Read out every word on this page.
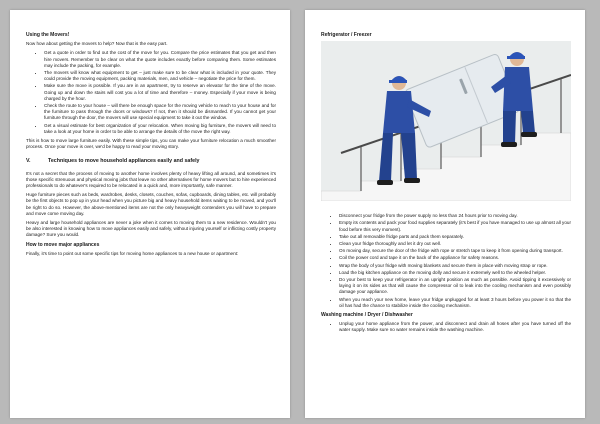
Using the Movers!

Now how about getting the movers to help? Now that is the easy part.

• Get a quote in order to find out the cost of the move for you. Compare the price estimates that you get and then hire movers. Remember to be clear on what the quote includes exactly before comparing them. Some estimates may include the packing, for example.
• The movers will know what equipment to get – just make sure to be clear what is included in your quote. They could provide the moving equipment, packing materials, men, and vehicle – negotiate the price for them.
• Make sure the move is possible. If you are in an apartment, try to reserve an elevator for the time of the move. Going up and down the stairs will cost you a lot of time and therefore – money. Especially if your move is being charged by the hour.
• Check the route to your house – will there be enough space for the moving vehicle to reach to your house and for the furniture to pass through the doors or windows? If not, then it should be dismantled. If you cannot get your furniture through the door, the movers will use special equipment to take it out the window.
• Get a visual estimate for best organization of your relocation. When moving big furniture, the movers will need to take a look at your home in order to be able to arrange the details of the move the right way.

This is how to move large furniture easily. With these simple tips, you can make your furniture relocation a much smoother process. Once your move is over, we'd be happy to read your moving story.

V.	Techniques to move household appliances easily and safely

It's not a secret that the process of moving to another home involves plenty of heavy lifting all around, and sometimes it's those specific strenuous and physical moving jobs that leave no other alternatives for home movers but to hire experienced professionals to do whatever's required to be relocated in a quick and, more importantly, safe manner.

Huge furniture pieces such as beds, wardrobes, desks, closets, couches, sofas, cupboards, dining tables, etc. will probably be the first objects to pop up in your head when you picture big and heavy household items waiting to be moved, and you'll be right to do so. However, the above-mentioned items are not the only heavyweight contenders you will have to prepare and move come moving day.

Heavy and large household appliances are never a joke when it comes to moving them to a new residence. Wouldn't you be also interested in knowing how to move appliances easily and safely, without injuring yourself or inflicting costly property damage? Sure you would.

How to move major appliances

Finally, it's time to point out some specific tips for moving home appliances to a new house or apartment:

Refrigerator / Freezer
• Disconnect your fridge from the power supply no less than 24 hours prior to moving day.
• Empty its contents and pack your food supplies separately (it's best if you have managed to use up almost all your food before this very moment).
• Take out all removable fridge parts and pack them separately.
• Clean your fridge thoroughly and let it dry out well.
• On moving day, secure the door of the fridge with rope or stretch tape to keep it from opening during transport.
• Coil the power cord and tape it on the back of the appliance for safety reasons.
• Wrap the body of your fridge with moving blankets and secure them in place with moving strap or rope.
• Load the big kitchen appliance on the moving dolly and secure it extremely well to the wheeled helper.
• Do your best to keep your refrigerator in an upright position as much as possible. Avoid tipping it excessively or laying it on its sides as that will cause the compressor oil to leak into the cooling mechanism and even possibly damage your appliance.
• When you reach your new home, leave your fridge unplugged for at least 3 hours before you power it so that the oil has had the chance to stabilize inside the cooling mechanism.
Washing machine / Dryer / Dishwasher
• Unplug your home appliance from the power, and disconnect and drain all hoses after you have turned off the water supply. Make sure no water remains inside the washing machine.
